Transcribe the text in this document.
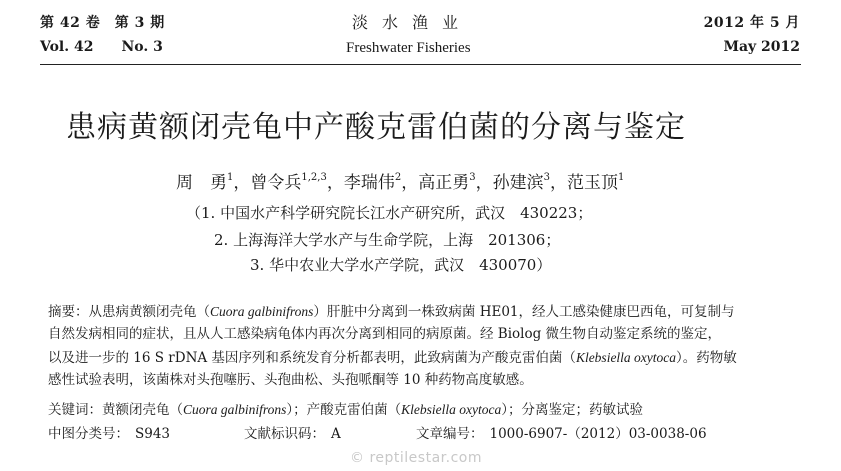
第 42 卷　第 3 期
Vol. 42　　No. 3
淡水渔业
Freshwater Fisheries
2012 年 5 月
May 2012
患病黄额闭壳龟中产酸克雷伯菌的分离与鉴定
周　勇$^1$，曾令兵$^{1,2,3}$，李瑞伟$^2$，高正勇$^3$，孙建滨$^3$，范玉顶$^1$
（1. 中国水产科学研究院长江水产研究所，武汉　430223；
2. 上海海洋大学水产与生命学院，上海　201306；
3. 华中农业大学水产学院，武汉　430070）
摘要：从患病黄额闭壳龟（Cuora galbinifrons）肝脏中分离到一株致病菌 HE01，经人工感染健康巴西龟，可复制与
自然发病相同的症状，且从人工感染病龟体内再次分离到相同的病原菌。经 Biolog 微生物自动鉴定系统的鉴定，
以及进一步的 16 S rDNA 基因序列和系统发育分析都表明，此致病菌为产酸克雷伯菌（Klebsiella oxytoca）。药物敏
感性试验表明，该菌株对头孢噻肟、头孢曲松、头孢哌酮等 10 种药物高度敏感。
关键词：黄额闭壳龟（Cuora galbinifrons）；产酸克雷伯菌（Klebsiella oxytoca）；分离鉴定；药敏试验
中图分类号： S943	文献标识码： A	文章编号： 1000-6907-（2012）03-0038-06
© reptilestar.com
